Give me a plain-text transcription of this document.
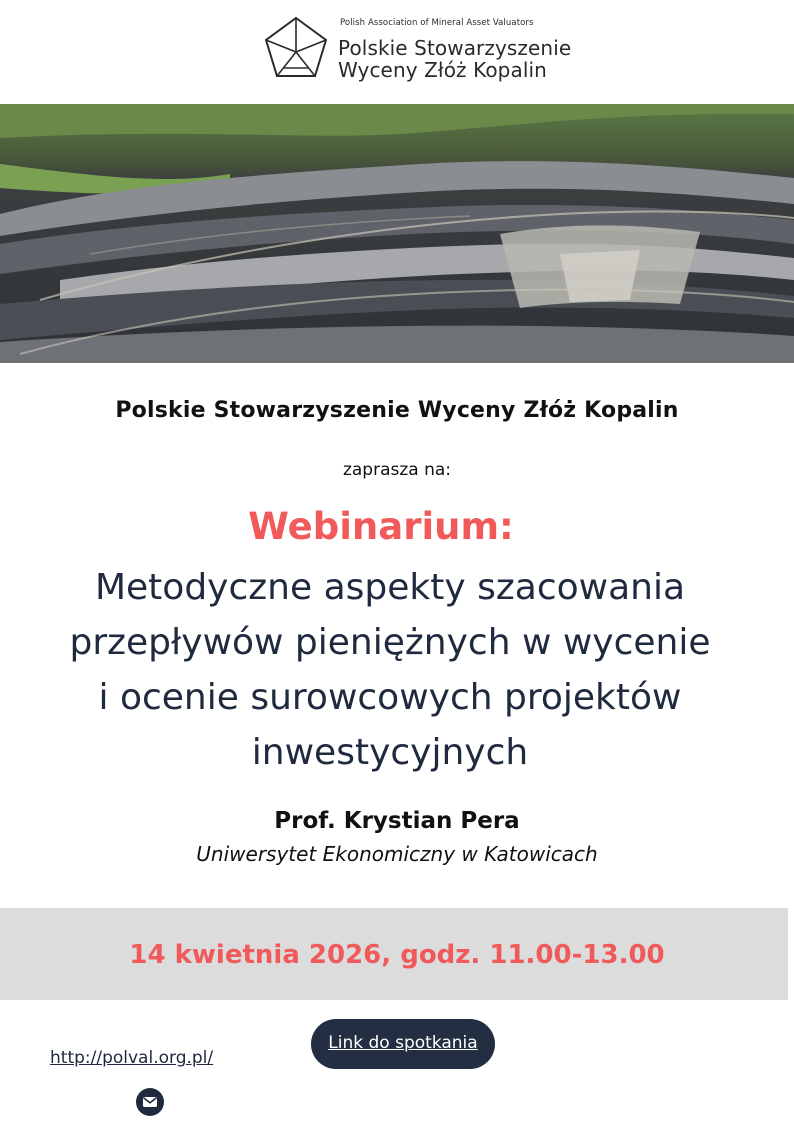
Polish Association of Mineral Asset Valuators
Polskie Stowarzyszenie
Wyceny Złóż Kopalin
Polskie Stowarzyszenie Wyceny Złóż Kopalin
zaprasza na:
Webinarium:
Metodyczne aspekty szacowania
przepływów pieniężnych w wycenie
i ocenie surowcowych projektów
inwestycyjnych
Prof. Krystian Pera
Uniwersytet Ekonomiczny w Katowicach
14 kwietnia 2026, godz. 11.00-13.00
Link do spotkania
http://polval.org.pl/
